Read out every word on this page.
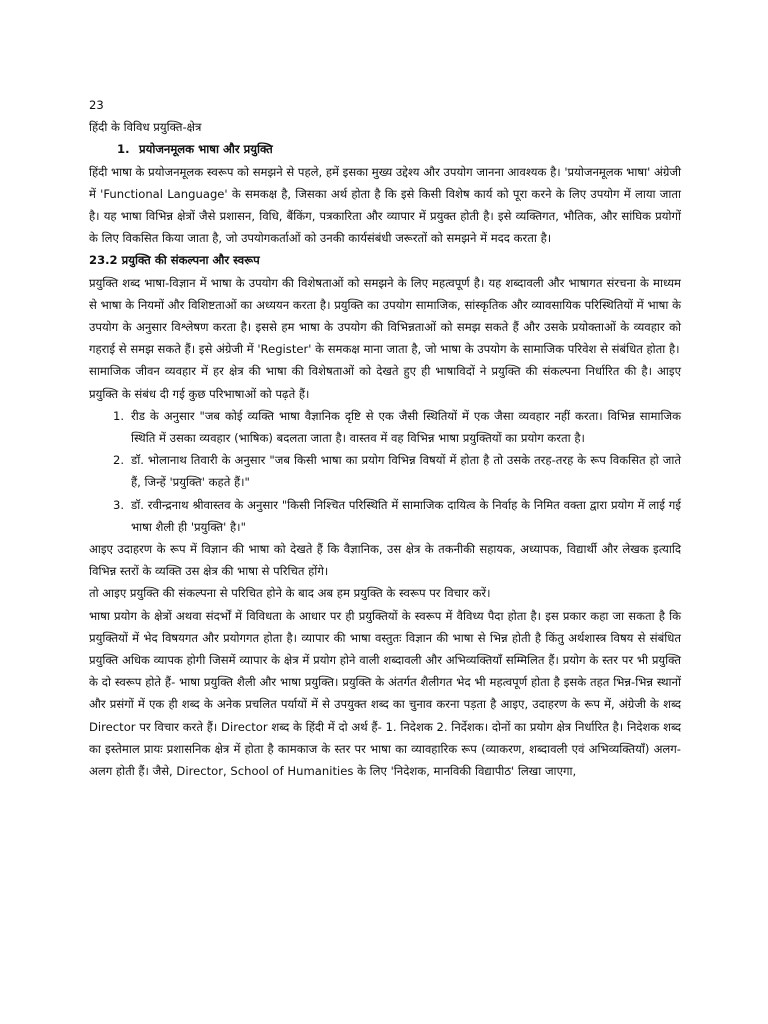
23

हिंदी के विविध प्रयुक्ति-क्षेत्र

1. प्रयोजनमूलक भाषा और प्रयुक्ति

हिंदी भाषा के प्रयोजनमूलक स्वरूप को समझने से पहले, हमें इसका मुख्य उद्देश्य और उपयोग जानना आवश्यक है। 'प्रयोजनमूलक भाषा' अंग्रेजी में 'Functional Language' के समकक्ष है, जिसका अर्थ होता है कि इसे किसी विशेष कार्य को पूरा करने के लिए उपयोग में लाया जाता है। यह भाषा विभिन्न क्षेत्रों जैसे प्रशासन, विधि, बैंकिंग, पत्रकारिता और व्यापार में प्रयुक्त होती है। इसे व्यक्तिगत, भौतिक, और सांघिक प्रयोगों के लिए विकसित किया जाता है, जो उपयोगकर्ताओं को उनकी कार्यसंबंधी जरूरतों को समझने में मदद करता है।

23.2 प्रयुक्ति की संकल्पना और स्वरूप

प्रयुक्ति शब्द भाषा-विज्ञान में भाषा के उपयोग की विशेषताओं को समझने के लिए महत्वपूर्ण है। यह शब्दावली और भाषागत संरचना के माध्यम से भाषा के नियमों और विशिष्टताओं का अध्ययन करता है। प्रयुक्ति का उपयोग सामाजिक, सांस्कृतिक और व्यावसायिक परिस्थितियों में भाषा के उपयोग के अनुसार विश्लेषण करता है। इससे हम भाषा के उपयोग की विभिन्नताओं को समझ सकते हैं और उसके प्रयोक्ताओं के व्यवहार को गहराई से समझ सकते हैं। इसे अंग्रेजी में 'Register' के समकक्ष माना जाता है, जो भाषा के उपयोग के सामाजिक परिवेश से संबंधित होता है।

सामाजिक जीवन व्यवहार में हर क्षेत्र की भाषा की विशेषताओं को देखते हुए ही भाषाविदों ने प्रयुक्ति की संकल्पना निर्धारित की है। आइए प्रयुक्ति के संबंध दी गई कुछ परिभाषाओं को पढ़ते हैं।

1. रीड के अनुसार "जब कोई व्यक्ति भाषा वैज्ञानिक दृष्टि से एक जैसी स्थितियों में एक जैसा व्यवहार नहीं करता। विभिन्न सामाजिक स्थिति में उसका व्यवहार (भाषिक) बदलता जाता है। वास्तव में वह विभिन्न भाषा प्रयुक्तियों का प्रयोग करता है।
2. डॉ. भोलानाथ तिवारी के अनुसार "जब किसी भाषा का प्रयोग विभिन्न विषयों में होता है तो उसके तरह-तरह के रूप विकसित हो जाते हैं, जिन्हें 'प्रयुक्ति' कहते हैं।"
3. डॉ. रवीन्द्रनाथ श्रीवास्तव के अनुसार "किसी निश्चित परिस्थिति में सामाजिक दायित्व के निर्वाह के निमित वक्ता द्वारा प्रयोग में लाई गई भाषा शैली ही 'प्रयुक्ति' है।"

आइए उदाहरण के रूप में विज्ञान की भाषा को देखते हैं कि वैज्ञानिक, उस क्षेत्र के तकनीकी सहायक, अध्यापक, विद्यार्थी और लेखक इत्यादि विभिन्न स्तरों के व्यक्ति उस क्षेत्र की भाषा से परिचित होंगे।

तो आइए प्रयुक्ति की संकल्पना से परिचित होने के बाद अब हम प्रयुक्ति के स्वरूप पर विचार करें।

भाषा प्रयोग के क्षेत्रों अथवा संदर्भों में विविधता के आधार पर ही प्रयुक्तियों के स्वरूप में वैविध्य पैदा होता है। इस प्रकार कहा जा सकता है कि प्रयुक्तियों में भेद विषयगत और प्रयोगगत होता है। व्यापार की भाषा वस्तुतः विज्ञान की भाषा से भिन्न होती है किंतु अर्थशास्त्र विषय से संबंधित प्रयुक्ति अधिक व्यापक होगी जिसमें व्यापार के क्षेत्र में प्रयोग होने वाली शब्दावली और अभिव्यक्तियाँ सम्मिलित हैं। प्रयोग के स्तर पर भी प्रयुक्ति के दो स्वरूप होते हैं- भाषा प्रयुक्ति शैली और भाषा प्रयुक्ति। प्रयुक्ति के अंतर्गत शैलीगत भेद भी महत्वपूर्ण होता है इसके तहत भिन्न-भिन्न स्थानों और प्रसंगों में एक ही शब्द के अनेक प्रचलित पर्यायों में से उपयुक्त शब्द का चुनाव करना पड़ता है आइए, उदाहरण के रूप में, अंग्रेजी के शब्द Director पर विचार करते हैं। Director शब्द के हिंदी में दो अर्थ हैं- 1. निदेशक 2. निर्देशक। दोनों का प्रयोग क्षेत्र निर्धारित है। निदेशक शब्द का इस्तेमाल प्रायः प्रशासनिक क्षेत्र में होता है कामकाज के स्तर पर भाषा का व्यावहारिक रूप (व्याकरण, शब्दावली एवं अभिव्यक्तियाँ) अलग-अलग होती हैं। जैसे, Director, School of Humanities के लिए 'निदेशक, मानविकी विद्यापीठ' लिखा जाएगा,
